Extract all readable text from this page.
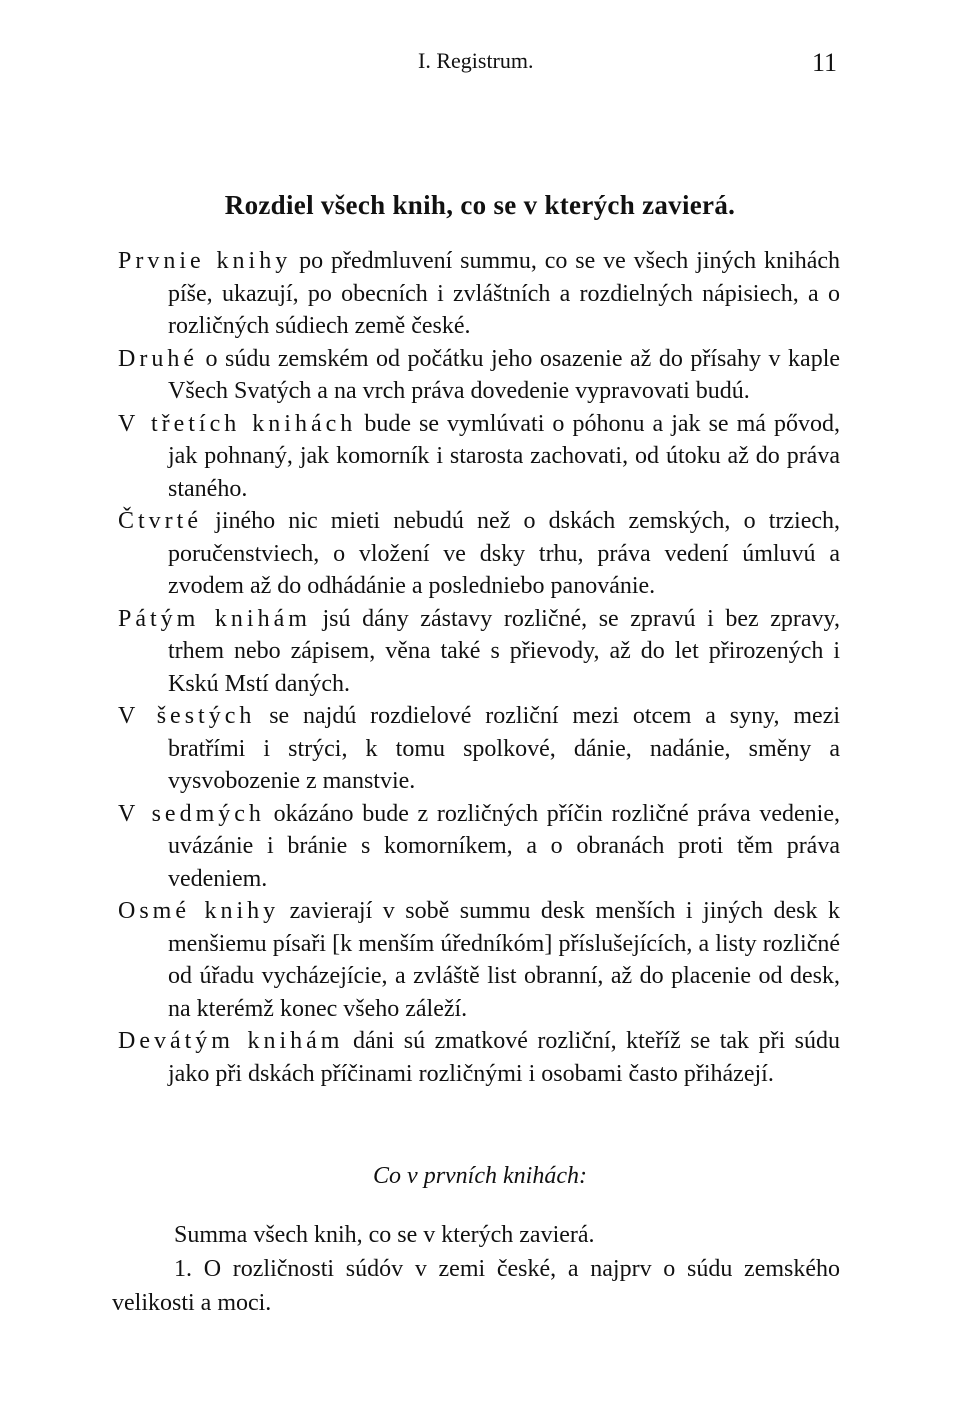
I. Registrum.	11
Rozdiel všech knih, co se v kterých zavierá.

Prvnie knihy po předmluvení summu, co se ve všech jiných knihách píše, ukazují, po obecních i zvláštních a rozdielných nápisiech, a o rozličných súdiech země české.

Druhé o súdu zemském od počátku jeho osazenie až do přísahy v kaple Všech Svatých a na vrch práva dovedenie vypravovati budú.

V třetích knihách bude se vymlúvati o póhonu a jak se má pővod, jak pohnaný, jak komorník i starosta zachovati, od útoku až do práva staného.

Čtvrté jiného nic mieti nebudú než o dskách zemských, o trziech, poručenstviech, o vložení ve dsky trhu, práva vedení úmluvú a zvodem až do odhádánie a posledniebo panovánie.

Pátým knihám jsú dány zástavy rozličné, se zpravú i bez zpravy, trhem nebo zápisem, věna také s přievody, až do let přirozených i Kskú Mstí daných.

V šestých se najdú rozdielové rozliční mezi otcem a syny, mezi bratřími i strýci, k tomu spolkové, dánie, nadánie, směny a vysvobozenie z manstvie.

V sedmých okázáno bude z rozličných příčin rozličné práva vedenie, uvázánie i bránie s komorníkem, a o obranách proti těm práva vedeniem.

Osmé knihy zavierají v sobě summu desk menších i jiných desk k menšiemu písaři [k menším úředníkóm] příslušejících, a listy rozličné od úřadu vycházejície, a zvláště list obranní, až do placenie od desk, na kterémž konec všeho záleží.

Devátým knihám dáni sú zmatkové rozliční, kteříž se tak při súdu jako při dskách příčinami rozličnými i osobami často přiházejí.

Co v prvních knihách:

Summa všech knih, co se v kterých zavierá.

1. O rozličnosti súdóv v zemi české, a najprv o súdu zemského velikosti a moci.
